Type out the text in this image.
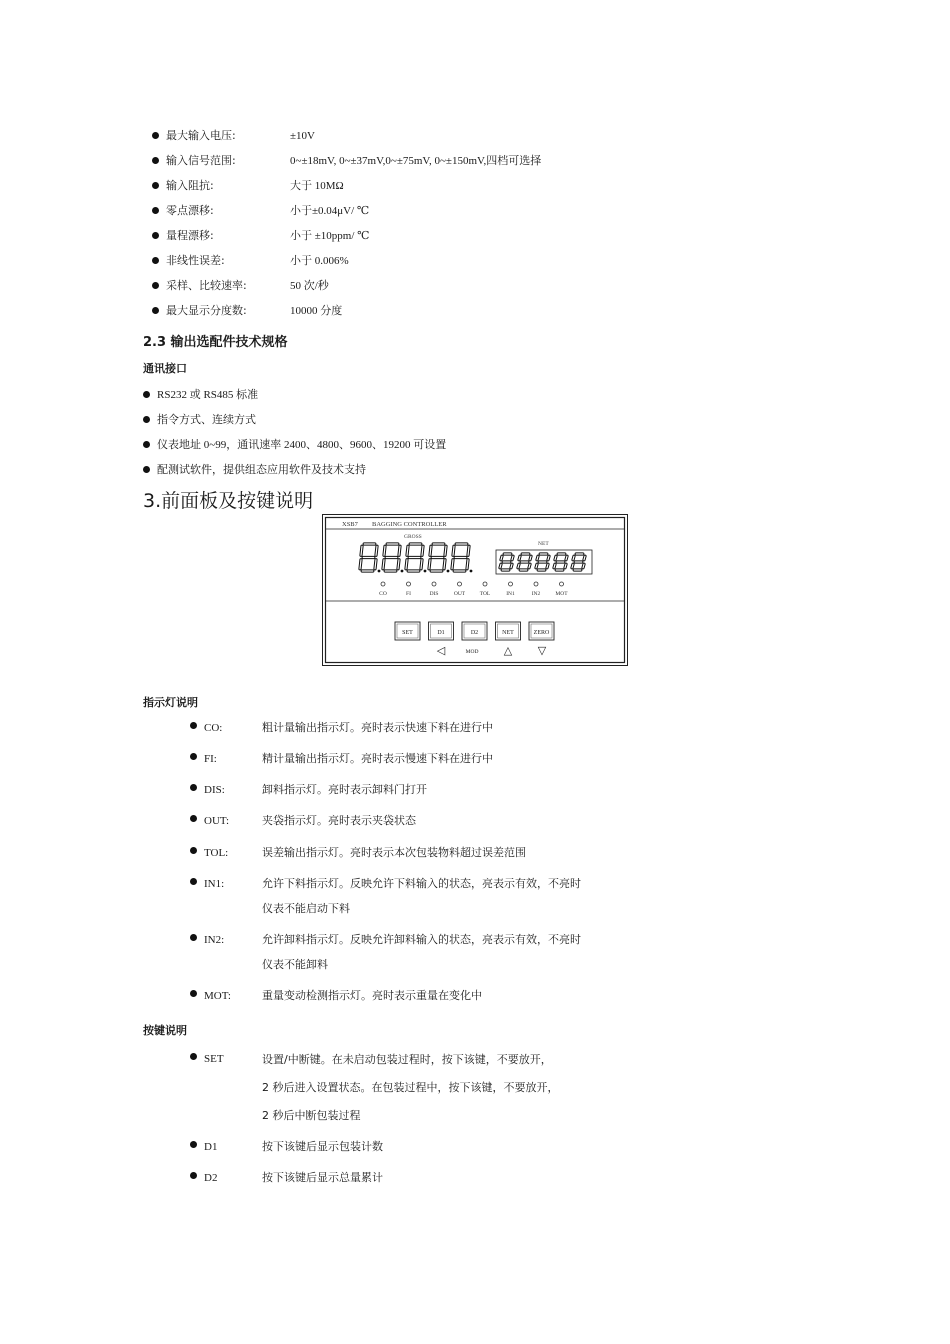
最大输入电压:	±10V
输入信号范围:	0~±18mV, 0~±37mV,0~±75mV, 0~±150mV,四档可选择
输入阻抗:	大于 10MΩ
零点漂移:	小于±0.04μV/ ℃
量程漂移:	小于 ±10ppm/ ℃
非线性误差:	小于 0.006%
采样、比较速率:	50 次/秒
最大显示分度数:	10000 分度
2.3 输出选配件技术规格
通讯接口
RS232 或 RS485 标准
指令方式、连续方式
仪表地址 0~99，通讯速率 2400、4800、9600、19200 可设置
配测试软件，提供组态应用软件及技术支持
3.前面板及按键说明
XSB7 BAGGING CONTROLLER
GROSS
NET
CO	FI	DIS	OUT	TOL	IN1	IN2	MOT
SET	D1	D2	NET	ZERO
◁	MOD △ ▽
指示灯说明
CO:	粗计量输出指示灯。亮时表示快速下料在进行中
FI:	精计量输出指示灯。亮时表示慢速下料在进行中
DIS:	卸料指示灯。亮时表示卸料门打开
OUT:	夹袋指示灯。亮时表示夹袋状态
TOL:	误差输出指示灯。亮时表示本次包装物料超过误差范围
IN1:	允许下料指示灯。反映允许下料输入的状态，亮表示有效，不亮时
仪表不能启动下料
IN2:	允许卸料指示灯。反映允许卸料输入的状态，亮表示有效，不亮时
仪表不能卸料
MOT:	重量变动检测指示灯。亮时表示重量在变化中
按键说明
SET	设置/中断键。在未启动包装过程时，按下该键，不要放开，
2 秒后进入设置状态。在包装过程中，按下该键，不要放开，
2 秒后中断包装过程
D1	按下该键后显示包装计数
D2	按下该键后显示总量累计
